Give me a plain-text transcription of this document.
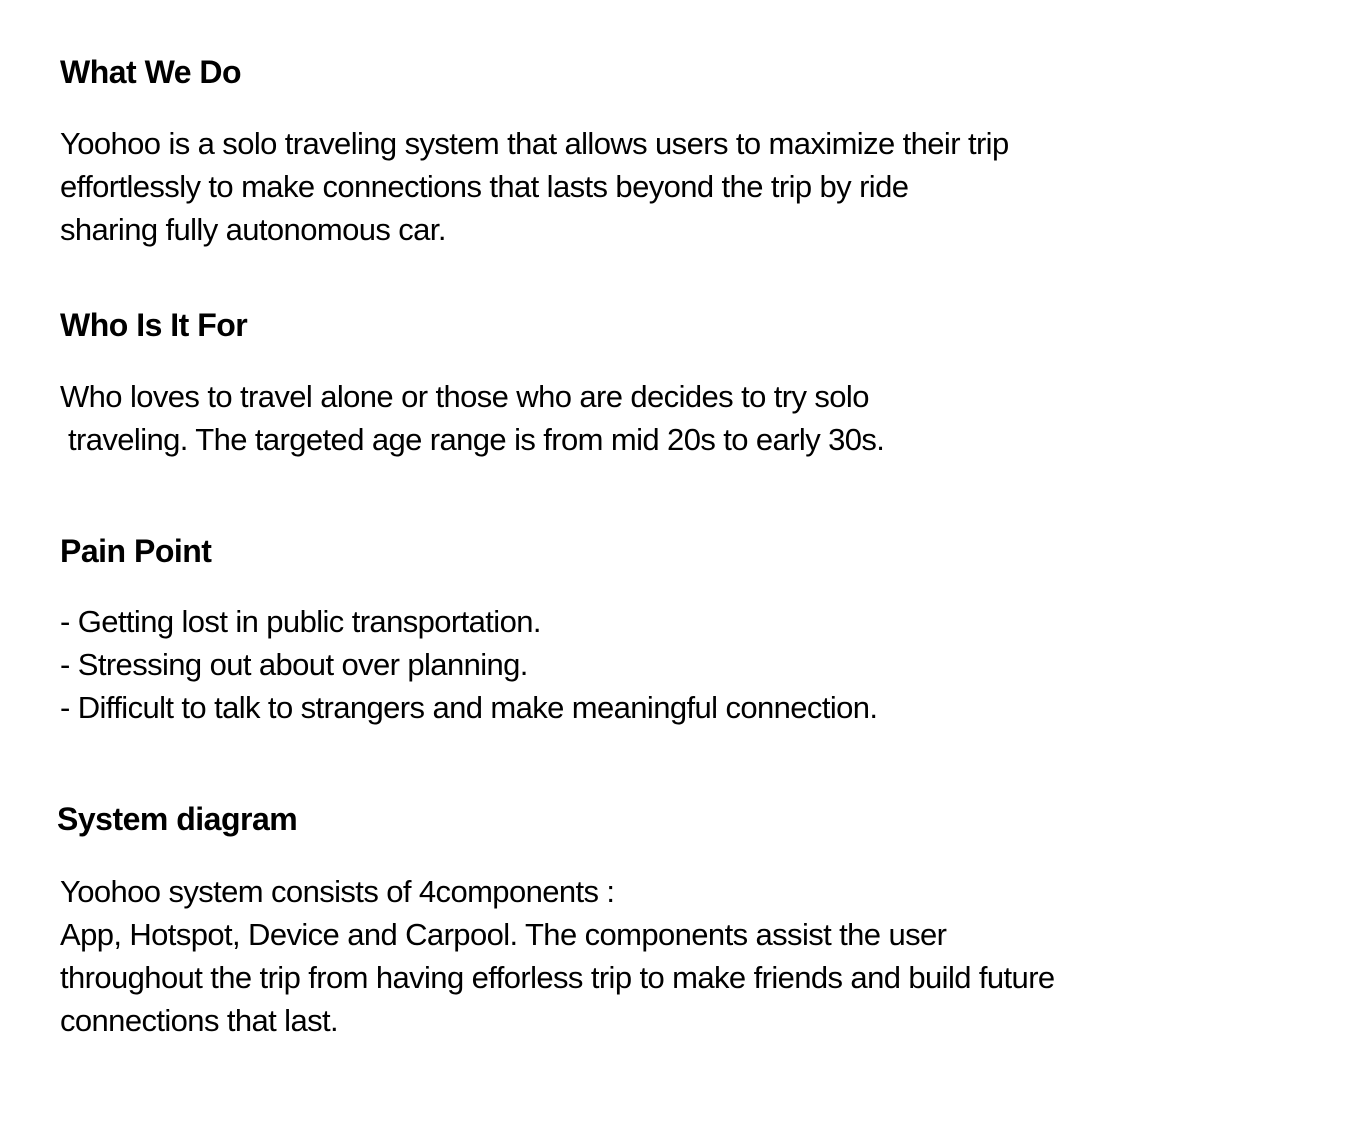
What We Do

Yoohoo is a solo traveling system that allows users to maximize their trip
effortlessly to make connections that lasts beyond the trip by ride
sharing fully autonomous car.

Who Is It For

Who loves to travel alone or those who are decides to try solo
traveling. The targeted age range is from mid 20s to early 30s.

Pain Point
- Getting lost in public transportation.
- Stressing out about over planning.
- Difficult to talk to strangers and make meaningful connection.
System diagram

Yoohoo system consists of 4components :
App, Hotspot, Device and Carpool. The components assist the user
throughout the trip from having efforless trip to make friends and build future
connections that last.
